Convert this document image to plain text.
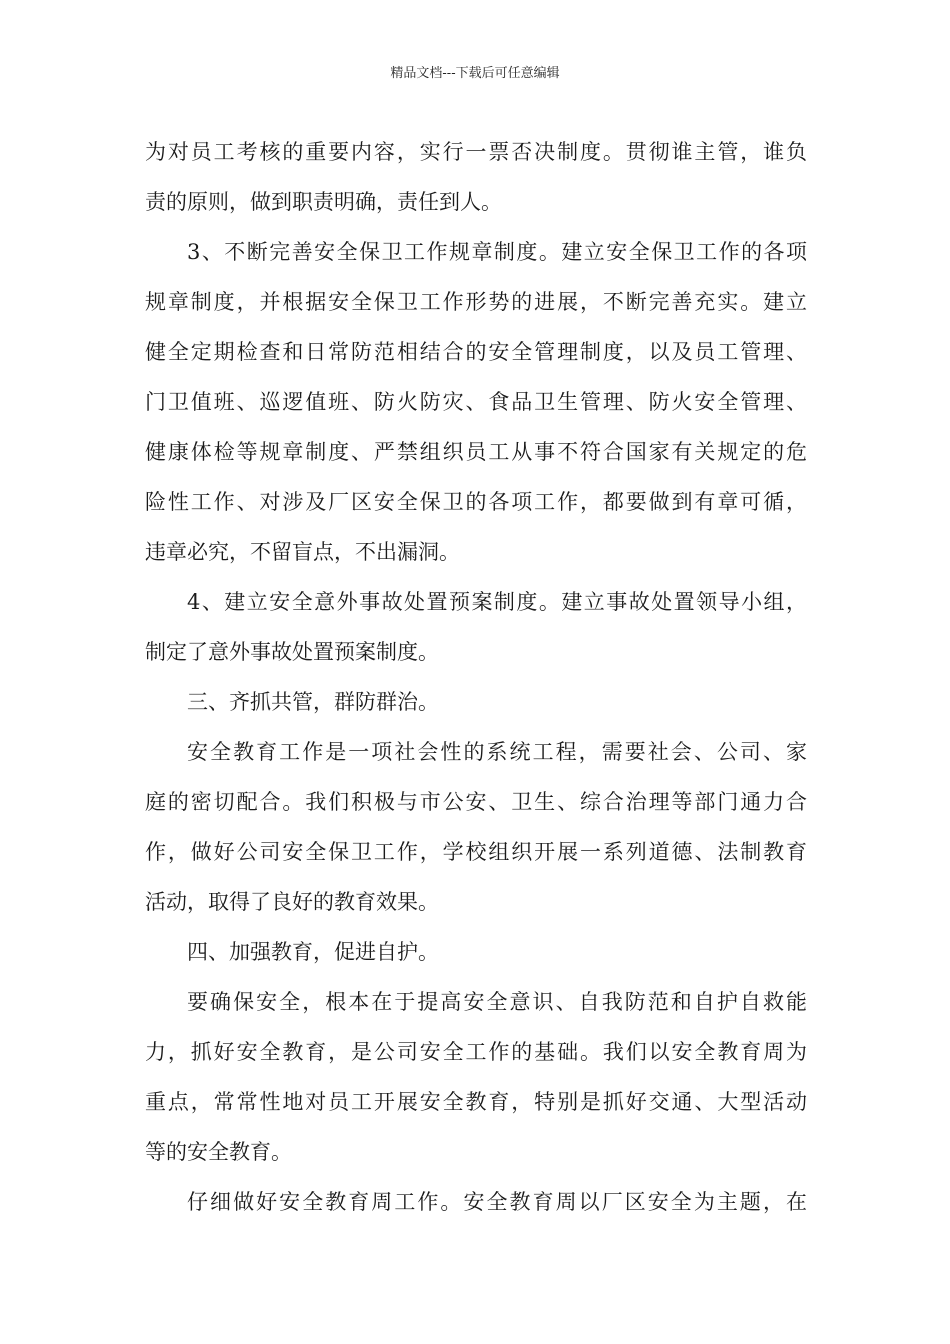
精品文档---下载后可任意编辑
为对员工考核的重要内容，实行一票否决制度。贯彻谁主管，谁负
责的原则，做到职责明确，责任到人。
3、不断完善安全保卫工作规章制度。建立安全保卫工作的各项
规章制度，并根据安全保卫工作形势的进展，不断完善充实。建立
健全定期检查和日常防范相结合的安全管理制度，以及员工管理、
门卫值班、巡逻值班、防火防灾、食品卫生管理、防火安全管理、
健康体检等规章制度、严禁组织员工从事不符合国家有关规定的危
险性工作、对涉及厂区安全保卫的各项工作，都要做到有章可循，
违章必究，不留盲点，不出漏洞。
4、建立安全意外事故处置预案制度。建立事故处置领导小组，
制定了意外事故处置预案制度。
三、齐抓共管，群防群治。
安全教育工作是一项社会性的系统工程，需要社会、公司、家
庭的密切配合。我们积极与市公安、卫生、综合治理等部门通力合
作，做好公司安全保卫工作，学校组织开展一系列道德、法制教育
活动，取得了良好的教育效果。
四、加强教育，促进自护。
要确保安全，根本在于提高安全意识、自我防范和自护自救能
力，抓好安全教育，是公司安全工作的基础。我们以安全教育周为
重点，常常性地对员工开展安全教育，特别是抓好交通、大型活动
等的安全教育。
仔细做好安全教育周工作。安全教育周以厂区安全为主题，在
